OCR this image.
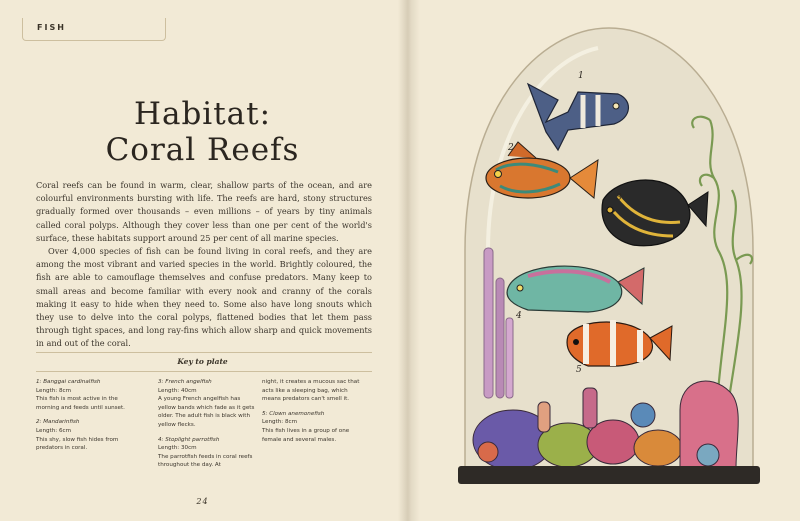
FISH
Habitat:
Coral Reefs

Coral reefs can be found in warm, clear, shallow parts of the ocean, and are colourful environments bursting with life. The reefs are hard, stony structures gradually formed over thousands – even millions – of years by tiny animals called coral polyps. Although they cover less than one per cent of the world's surface, these habitats support around 25 per cent of all marine species.

Over 4,000 species of fish can be found living in coral reefs, and they are among the most vibrant and varied species in the world. Brightly coloured, the fish are able to camouflage themselves and confuse predators. Many keep to small areas and become familiar with every nook and cranny of the corals making it easy to hide when they need to. Some also have long snouts which they use to delve into the coral polyps, flattened bodies that let them pass through tight spaces, and long ray-fins which allow sharp and quick movements in and out of the coral.

Key to plate
1: Banggai cardinalfish
Length: 8cm
This fish is most active in the morning and feeds until sunset.
2: Mandarinfish
Length: 6cm
This shy, slow fish hides from predators in coral.
3: French angelfish
Length: 40cm
A young French angelfish has yellow bands which fade as it gets older. The adult fish is black with yellow flecks.
4: Stoplight parrotfish
Length: 30cm
The parrotfish feeds in coral reefs throughout the day. At
night, it creates a mucous sac that acts like a sleeping bag, which means predators can't smell it.
5: Clown anemonefish
Length: 8cm
This fish lives in a group of one female and several males.
24
1
2
3
4
5
